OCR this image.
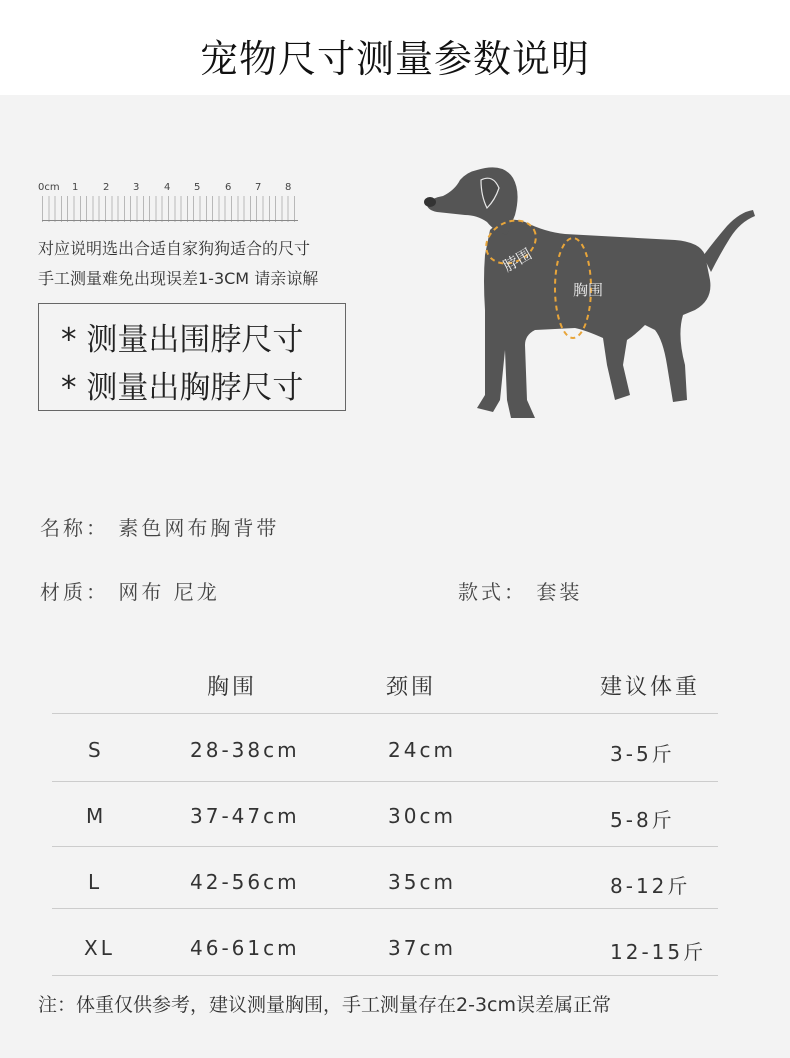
宠物尺寸测量参数说明
0cm 1 2 3 4 5 6 7 8
对应说明选出合适自家狗狗适合的尺寸
手工测量难免出现误差1-3CM 请亲谅解
* 测量出围脖尺寸
* 测量出胸脖尺寸
脖围
胸围
名称： 素色网布胸背带
材质： 网布 尼龙	款式： 套装
胸围	颈围	建议体重
S	28-38cm	24cm	3-5斤
M	37-47cm	30cm	5-8斤
L	42-56cm	35cm	8-12斤
XL	46-61cm	37cm	12-15斤
注：体重仅供参考，建议测量胸围，手工测量存在2-3cm误差属正常
